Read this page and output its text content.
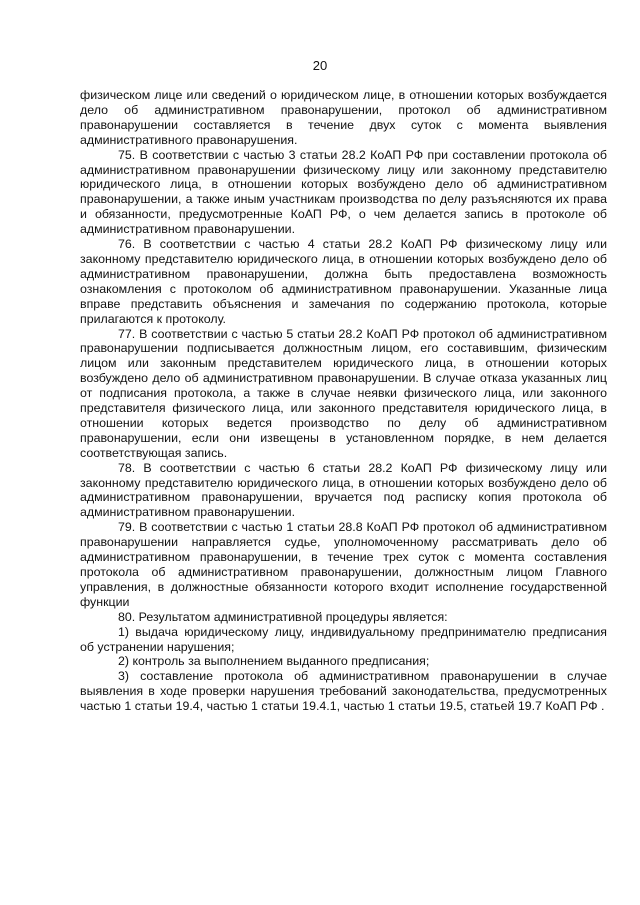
20

физическом лице или сведений о юридическом лице, в отношении которых возбуждается дело об административном правонарушении, протокол об административном правонарушении составляется в течение двух суток с момента выявления административного правонарушения.

75. В соответствии с частью 3 статьи 28.2 КоАП РФ при составлении протокола об административном правонарушении физическому лицу или законному представителю юридического лица, в отношении которых возбуждено дело об административном правонарушении, а также иным участникам производства по делу разъясняются их права и обязанности, предусмотренные КоАП РФ, о чем делается запись в протоколе об административном правонарушении.

76. В соответствии с частью 4 статьи 28.2 КоАП РФ физическому лицу или законному представителю юридического лица, в отношении которых возбуждено дело об административном правонарушении, должна быть предоставлена возможность ознакомления с протоколом об административном правонарушении. Указанные лица вправе представить объяснения и замечания по содержанию протокола, которые прилагаются к протоколу.

77. В соответствии с частью 5 статьи 28.2 КоАП РФ протокол об административном правонарушении подписывается должностным лицом, его составившим, физическим лицом или законным представителем юридического лица, в отношении которых возбуждено дело об административном правонарушении. В случае отказа указанных лиц от подписания протокола, а также в случае неявки физического лица, или законного представителя физического лица, или законного представителя юридического лица, в отношении которых ведется производство по делу об административном правонарушении, если они извещены в установленном порядке, в нем делается соответствующая запись.

78. В соответствии с частью 6 статьи 28.2 КоАП РФ физическому лицу или законному представителю юридического лица, в отношении которых возбуждено дело об административном правонарушении, вручается под расписку копия протокола об административном правонарушении.

79. В соответствии с частью 1 статьи 28.8 КоАП РФ протокол об административном правонарушении направляется судье, уполномоченному рассматривать дело об административном правонарушении, в течение трех суток с момента составления протокола об административном правонарушении, должностным лицом Главного управления, в должностные обязанности которого входит исполнение государственной функции

80. Результатом административной процедуры является:

1) выдача юридическому лицу, индивидуальному предпринимателю предписания об устранении нарушения;

2) контроль за выполнением выданного предписания;

3) составление протокола об административном правонарушении в случае выявления в ходе проверки нарушения требований законодательства, предусмотренных частью 1 статьи 19.4, частью 1 статьи 19.4.1, частью 1 статьи 19.5, статьей 19.7 КоАП РФ .
